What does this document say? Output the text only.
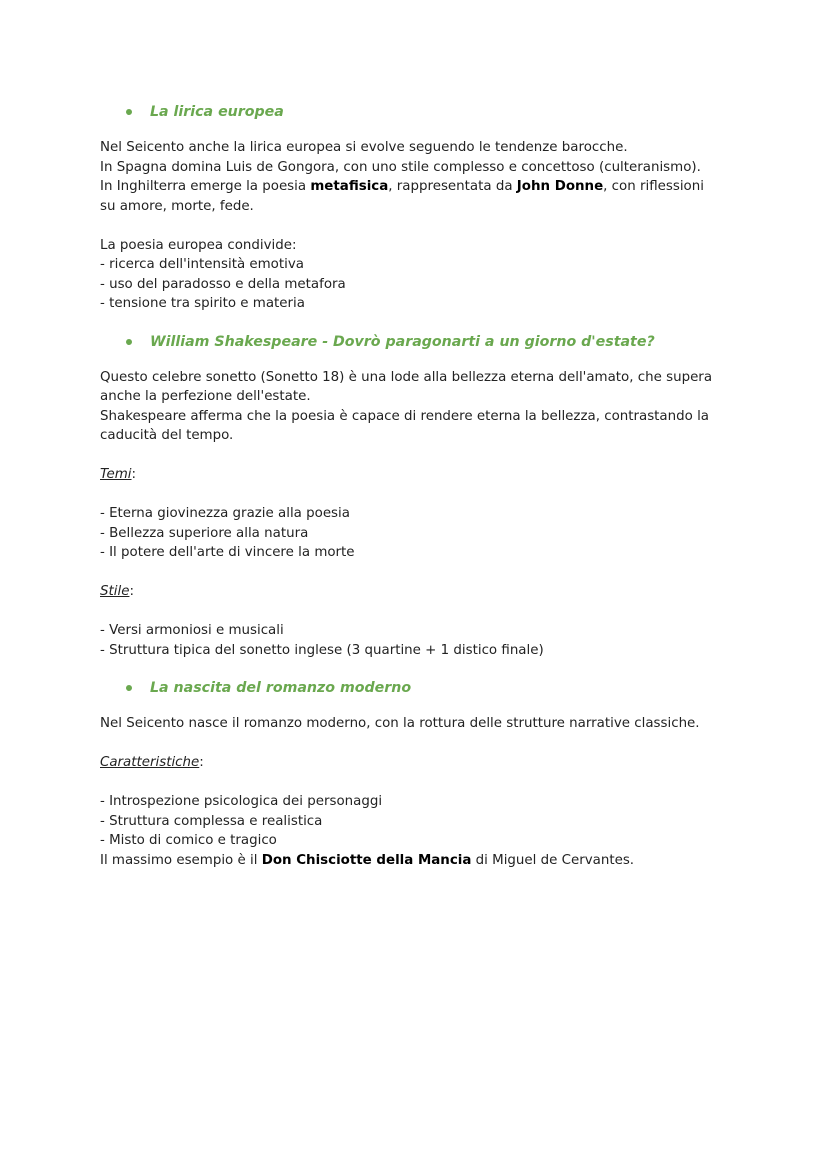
La lirica europea

Nel Seicento anche la lirica europea si evolve seguendo le tendenze barocche.

In Spagna domina Luis de Gongora, con uno stile complesso e concettoso (culteranismo).

In Inghilterra emerge la poesia metafisica, rappresentata da John Donne, con riflessioni

su amore, morte, fede.

La poesia europea condivide:

- ricerca dell'intensità emotiva

- uso del paradosso e della metafora

- tensione tra spirito e materia

William Shakespeare - Dovrò paragonarti a un giorno d'estate?

Questo celebre sonetto (Sonetto 18) è una lode alla bellezza eterna dell'amato, che supera

anche la perfezione dell'estate.

Shakespeare afferma che la poesia è capace di rendere eterna la bellezza, contrastando la

caducità del tempo.

Temi:

- Eterna giovinezza grazie alla poesia

- Bellezza superiore alla natura

- Il potere dell'arte di vincere la morte

Stile:

- Versi armoniosi e musicali

- Struttura tipica del sonetto inglese (3 quartine + 1 distico finale)

La nascita del romanzo moderno

Nel Seicento nasce il romanzo moderno, con la rottura delle strutture narrative classiche.

Caratteristiche:

- Introspezione psicologica dei personaggi

- Struttura complessa e realistica

- Misto di comico e tragico

Il massimo esempio è il Don Chisciotte della Mancia di Miguel de Cervantes.
